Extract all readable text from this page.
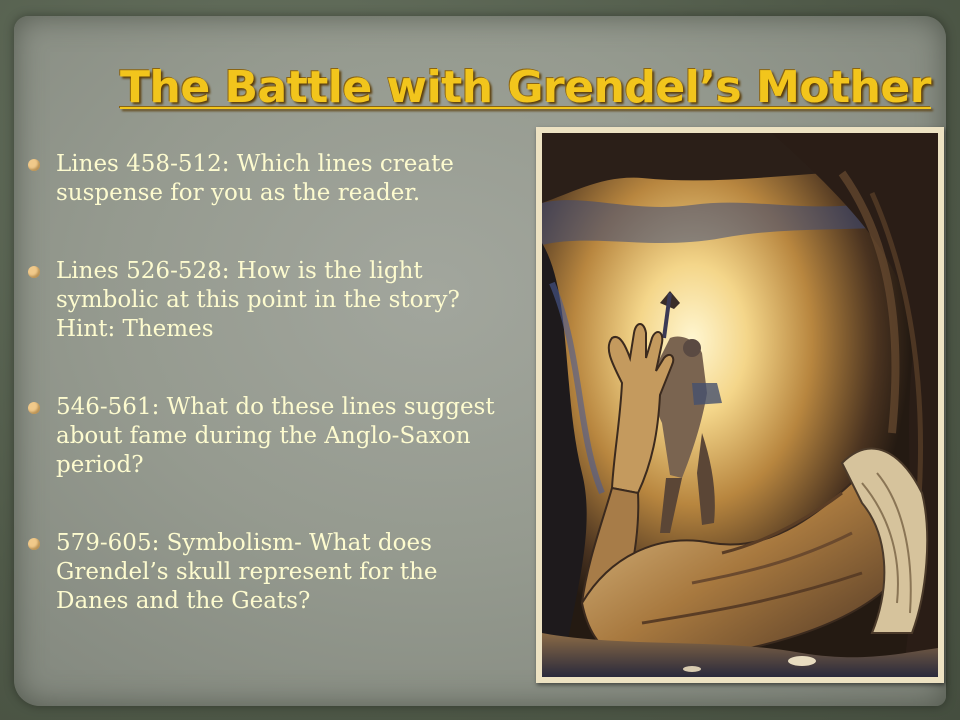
The Battle with Grendel’s Mother
Lines 458-512: Which lines create suspense for you as the reader.
Lines 526-528: How is the light symbolic at this point in the story? Hint: Themes
546-561: What do these lines suggest about fame during the Anglo-Saxon period?
579-605: Symbolism- What does Grendel’s skull represent for the Danes and the Geats?
